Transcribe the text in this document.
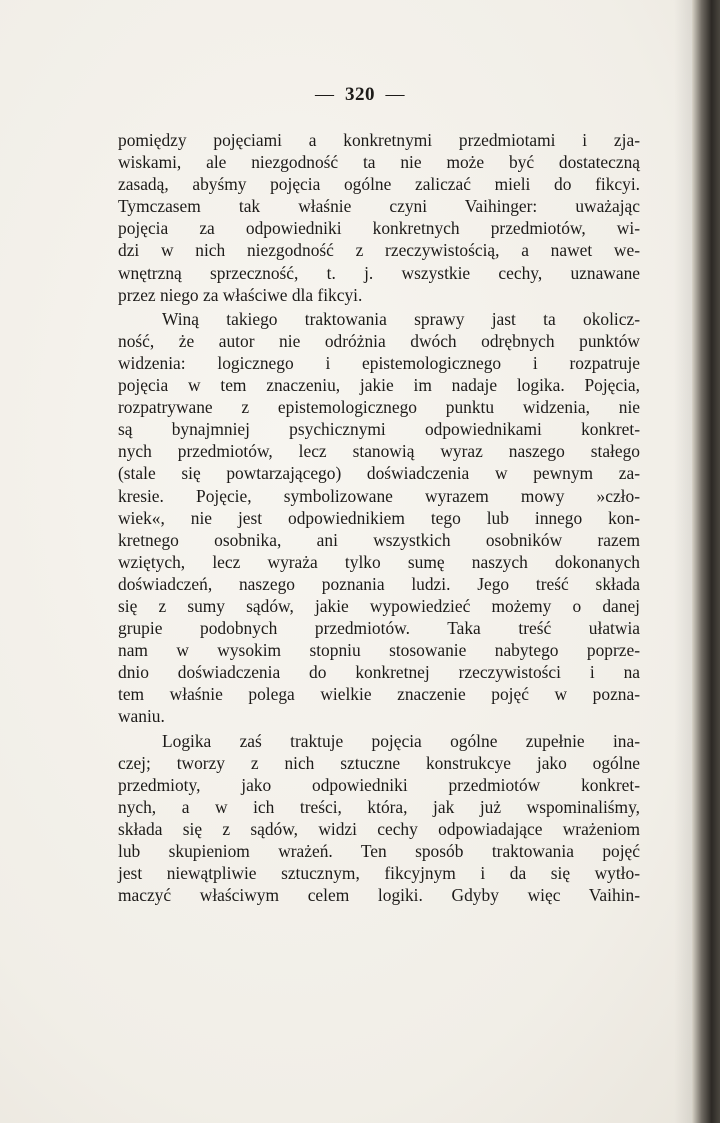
— 320 —
pomiędzy pojęciami a konkretnymi przedmiotami i zja-
wiskami, ale niezgodność ta nie może być dostateczną
zasadą, abyśmy pojęcia ogólne zaliczać mieli do fikcyi.
Tymczasem tak właśnie czyni Vaihinger: uważając
pojęcia za odpowiedniki konkretnych przedmiotów, wi-
dzi w nich niezgodność z rzeczywistością, a nawet we-
wnętrzną sprzeczność, t. j. wszystkie cechy, uznawane
przez niego za właściwe dla fikcyi.
Winą takiego traktowania sprawy jast ta okolicz-
ność, że autor nie odróżnia dwóch odrębnych punktów
widzenia: logicznego i epistemologicznego i rozpatruje
pojęcia w tem znaczeniu, jakie im nadaje logika. Pojęcia,
rozpatrywane z epistemologicznego punktu widzenia, nie
są bynajmniej psychicznymi odpowiednikami konkret-
nych przedmiotów, lecz stanowią wyraz naszego stałego
(stale się powtarzającego) doświadczenia w pewnym za-
kresie. Pojęcie, symbolizowane wyrazem mowy »czło-
wiek«, nie jest odpowiednikiem tego lub innego kon-
kretnego osobnika, ani wszystkich osobników razem
wziętych, lecz wyraża tylko sumę naszych dokonanych
doświadczeń, naszego poznania ludzi. Jego treść składa
się z sumy sądów, jakie wypowiedzieć możemy o danej
grupie podobnych przedmiotów. Taka treść ułatwia
nam w wysokim stopniu stosowanie nabytego poprze-
dnio doświadczenia do konkretnej rzeczywistości i na
tem właśnie polega wielkie znaczenie pojęć w pozna-
waniu.
Logika zaś traktuje pojęcia ogólne zupełnie ina-
czej; tworzy z nich sztuczne konstrukcye jako ogólne
przedmioty, jako odpowiedniki przedmiotów konkret-
nych, a w ich treści, która, jak już wspominaliśmy,
składa się z sądów, widzi cechy odpowiadające wrażeniom
lub skupieniom wrażeń. Ten sposób traktowania pojęć
jest niewątpliwie sztucznym, fikcyjnym i da się wytło-
maczyć właściwym celem logiki. Gdyby więc Vaihin-
